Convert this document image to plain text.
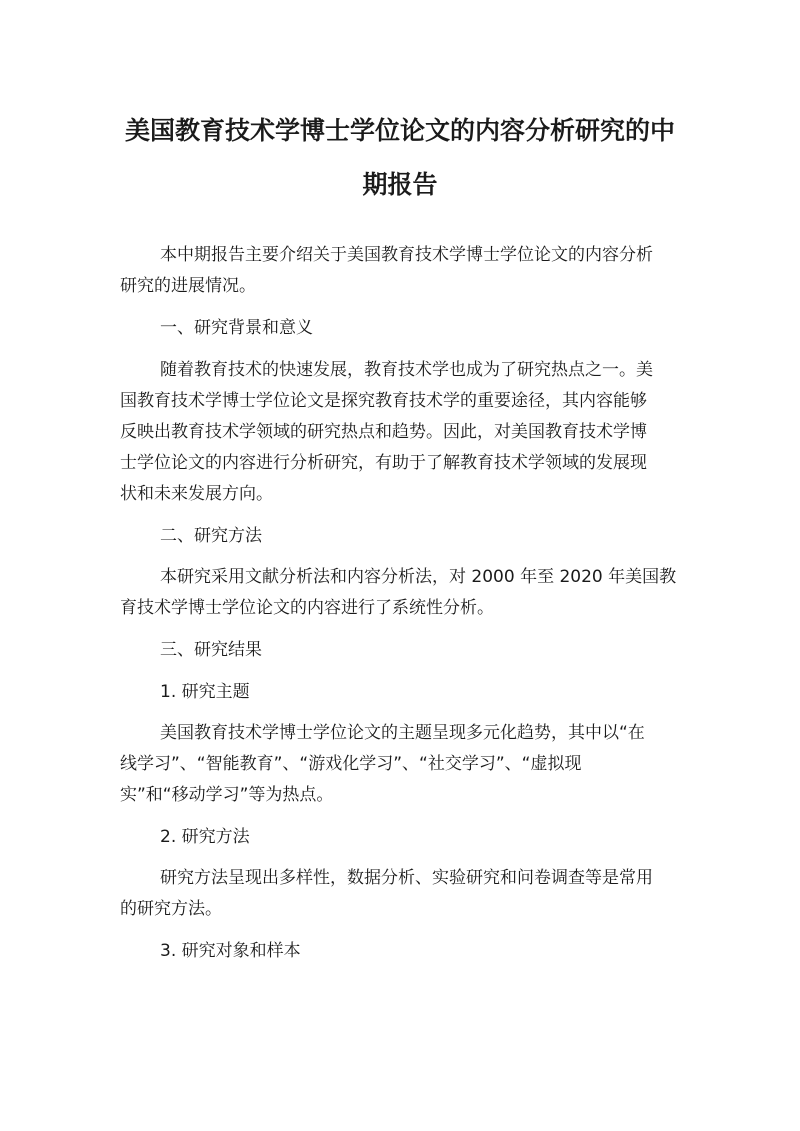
美国教育技术学博士学位论文的内容分析研究的中
期报告

本中期报告主要介绍关于美国教育技术学博士学位论文的内容分析

研究的进展情况。

一、研究背景和意义

随着教育技术的快速发展，教育技术学也成为了研究热点之一。美

国教育技术学博士学位论文是探究教育技术学的重要途径，其内容能够

反映出教育技术学领域的研究热点和趋势。因此，对美国教育技术学博

士学位论文的内容进行分析研究，有助于了解教育技术学领域的发展现

状和未来发展方向。

二、研究方法

本研究采用文献分析法和内容分析法，对 2000 年至 2020 年美国教

育技术学博士学位论文的内容进行了系统性分析。

三、研究结果

1. 研究主题

美国教育技术学博士学位论文的主题呈现多元化趋势，其中以“在

线学习”、“智能教育”、“游戏化学习”、“社交学习”、“虚拟现

实”和“移动学习”等为热点。

2. 研究方法

研究方法呈现出多样性，数据分析、实验研究和问卷调查等是常用

的研究方法。

3. 研究对象和样本
